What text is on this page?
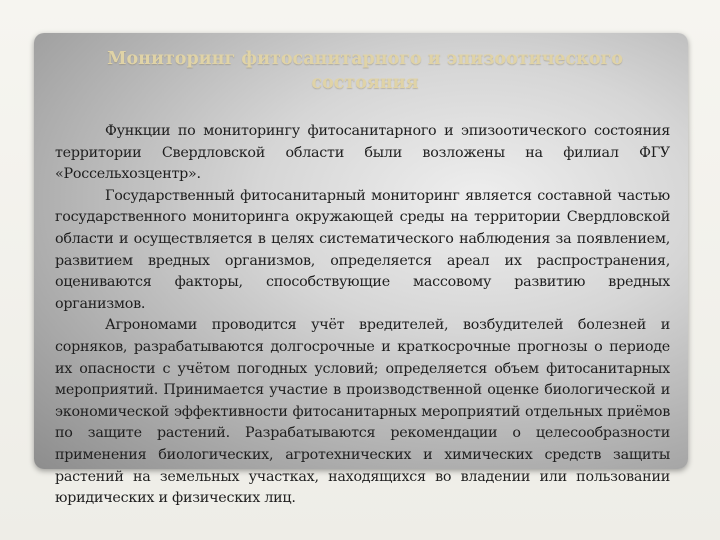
Мониторинг фитосанитарного и эпизоотического состояния

Функции по мониторингу фитосанитарного и эпизоотического состояния территории Свердловской области были возложены на филиал ФГУ «Россельхозцентр».

Государственный фитосанитарный мониторинг является составной частью государственного мониторинга окружающей среды на территории Свердловской области и осуществляется в целях систематического наблюдения за появлением, развитием вредных организмов, определяется ареал их распространения, оцениваются факторы, способствующие массовому развитию вредных организмов.

Агрономами проводится учёт вредителей, возбудителей болезней и сорняков, разрабатываются долгосрочные и краткосрочные прогнозы о периоде их опасности с учётом погодных условий; определяется объем фитосанитарных мероприятий. Принимается участие в производственной оценке биологической и экономической эффективности фитосанитарных мероприятий отдельных приёмов по защите растений. Разрабатываются рекомендации о целесообразности применения биологических, агротехнических и химических средств защиты растений на земельных участках, находящихся во владении или пользовании юридических и физических лиц.
